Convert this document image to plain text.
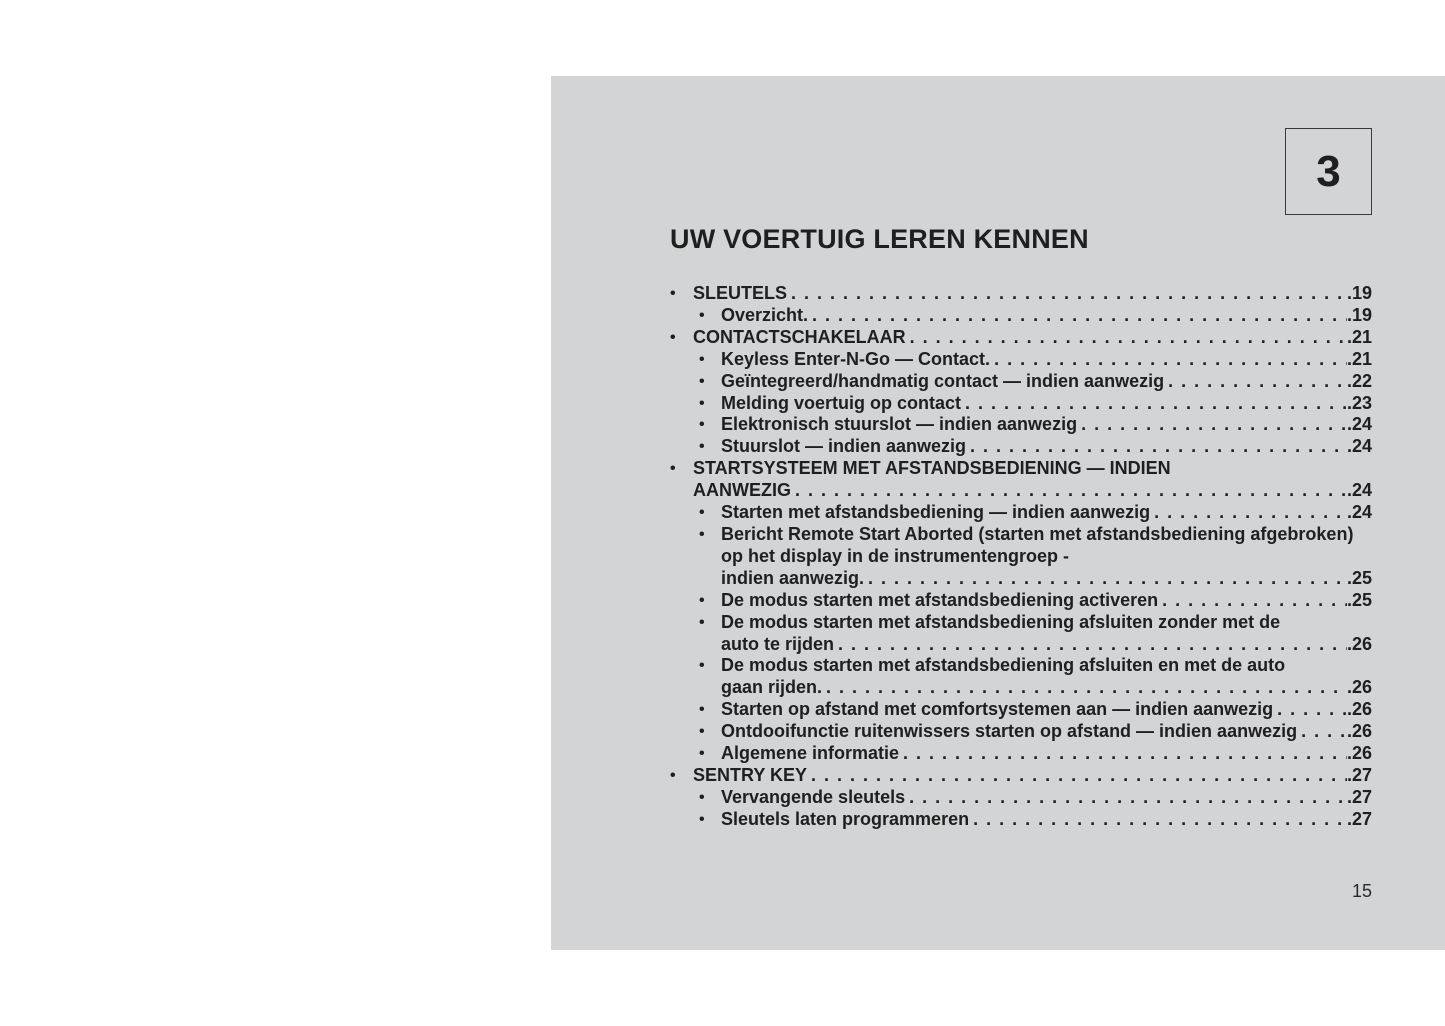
3
UW VOERTUIG LEREN KENNEN
• SLEUTELS . . .	.19
• Overzicht. . . .	.19
• CONTACTSCHAKELAAR . . .	.21
• Keyless Enter-N-Go — Contact. . . .	.21
• Geïntegreerd/handmatig contact — indien aanwezig . . .	.22
• Melding voertuig op contact . . .	.23
• Elektronisch stuurslot — indien aanwezig . . .	.24
• Stuurslot — indien aanwezig . . .	.24
• STARTSYSTEEM MET AFSTANDSBEDIENING — INDIEN
AANWEZIG . . .	.24
• Starten met afstandsbediening — indien aanwezig . . .	.24
• Bericht Remote Start Aborted (starten met afstandsbediening afgebroken) op het display in de instrumentengroep -
indien aanwezig. . . .	.25
• De modus starten met afstandsbediening activeren . . .	.25
• De modus starten met afstandsbediening afsluiten zonder met de
auto te rijden . . .	.26
• De modus starten met afstandsbediening afsluiten en met de auto
gaan rijden. . . .	.26
• Starten op afstand met comfortsystemen aan — indien aanwezig . . .	.26
• Ontdooifunctie ruitenwissers starten op afstand — indien aanwezig . . .	.26
• Algemene informatie . . .	.26
• SENTRY KEY . . .	.27
• Vervangende sleutels . . .	.27
• Sleutels laten programmeren . . .	.27
15
